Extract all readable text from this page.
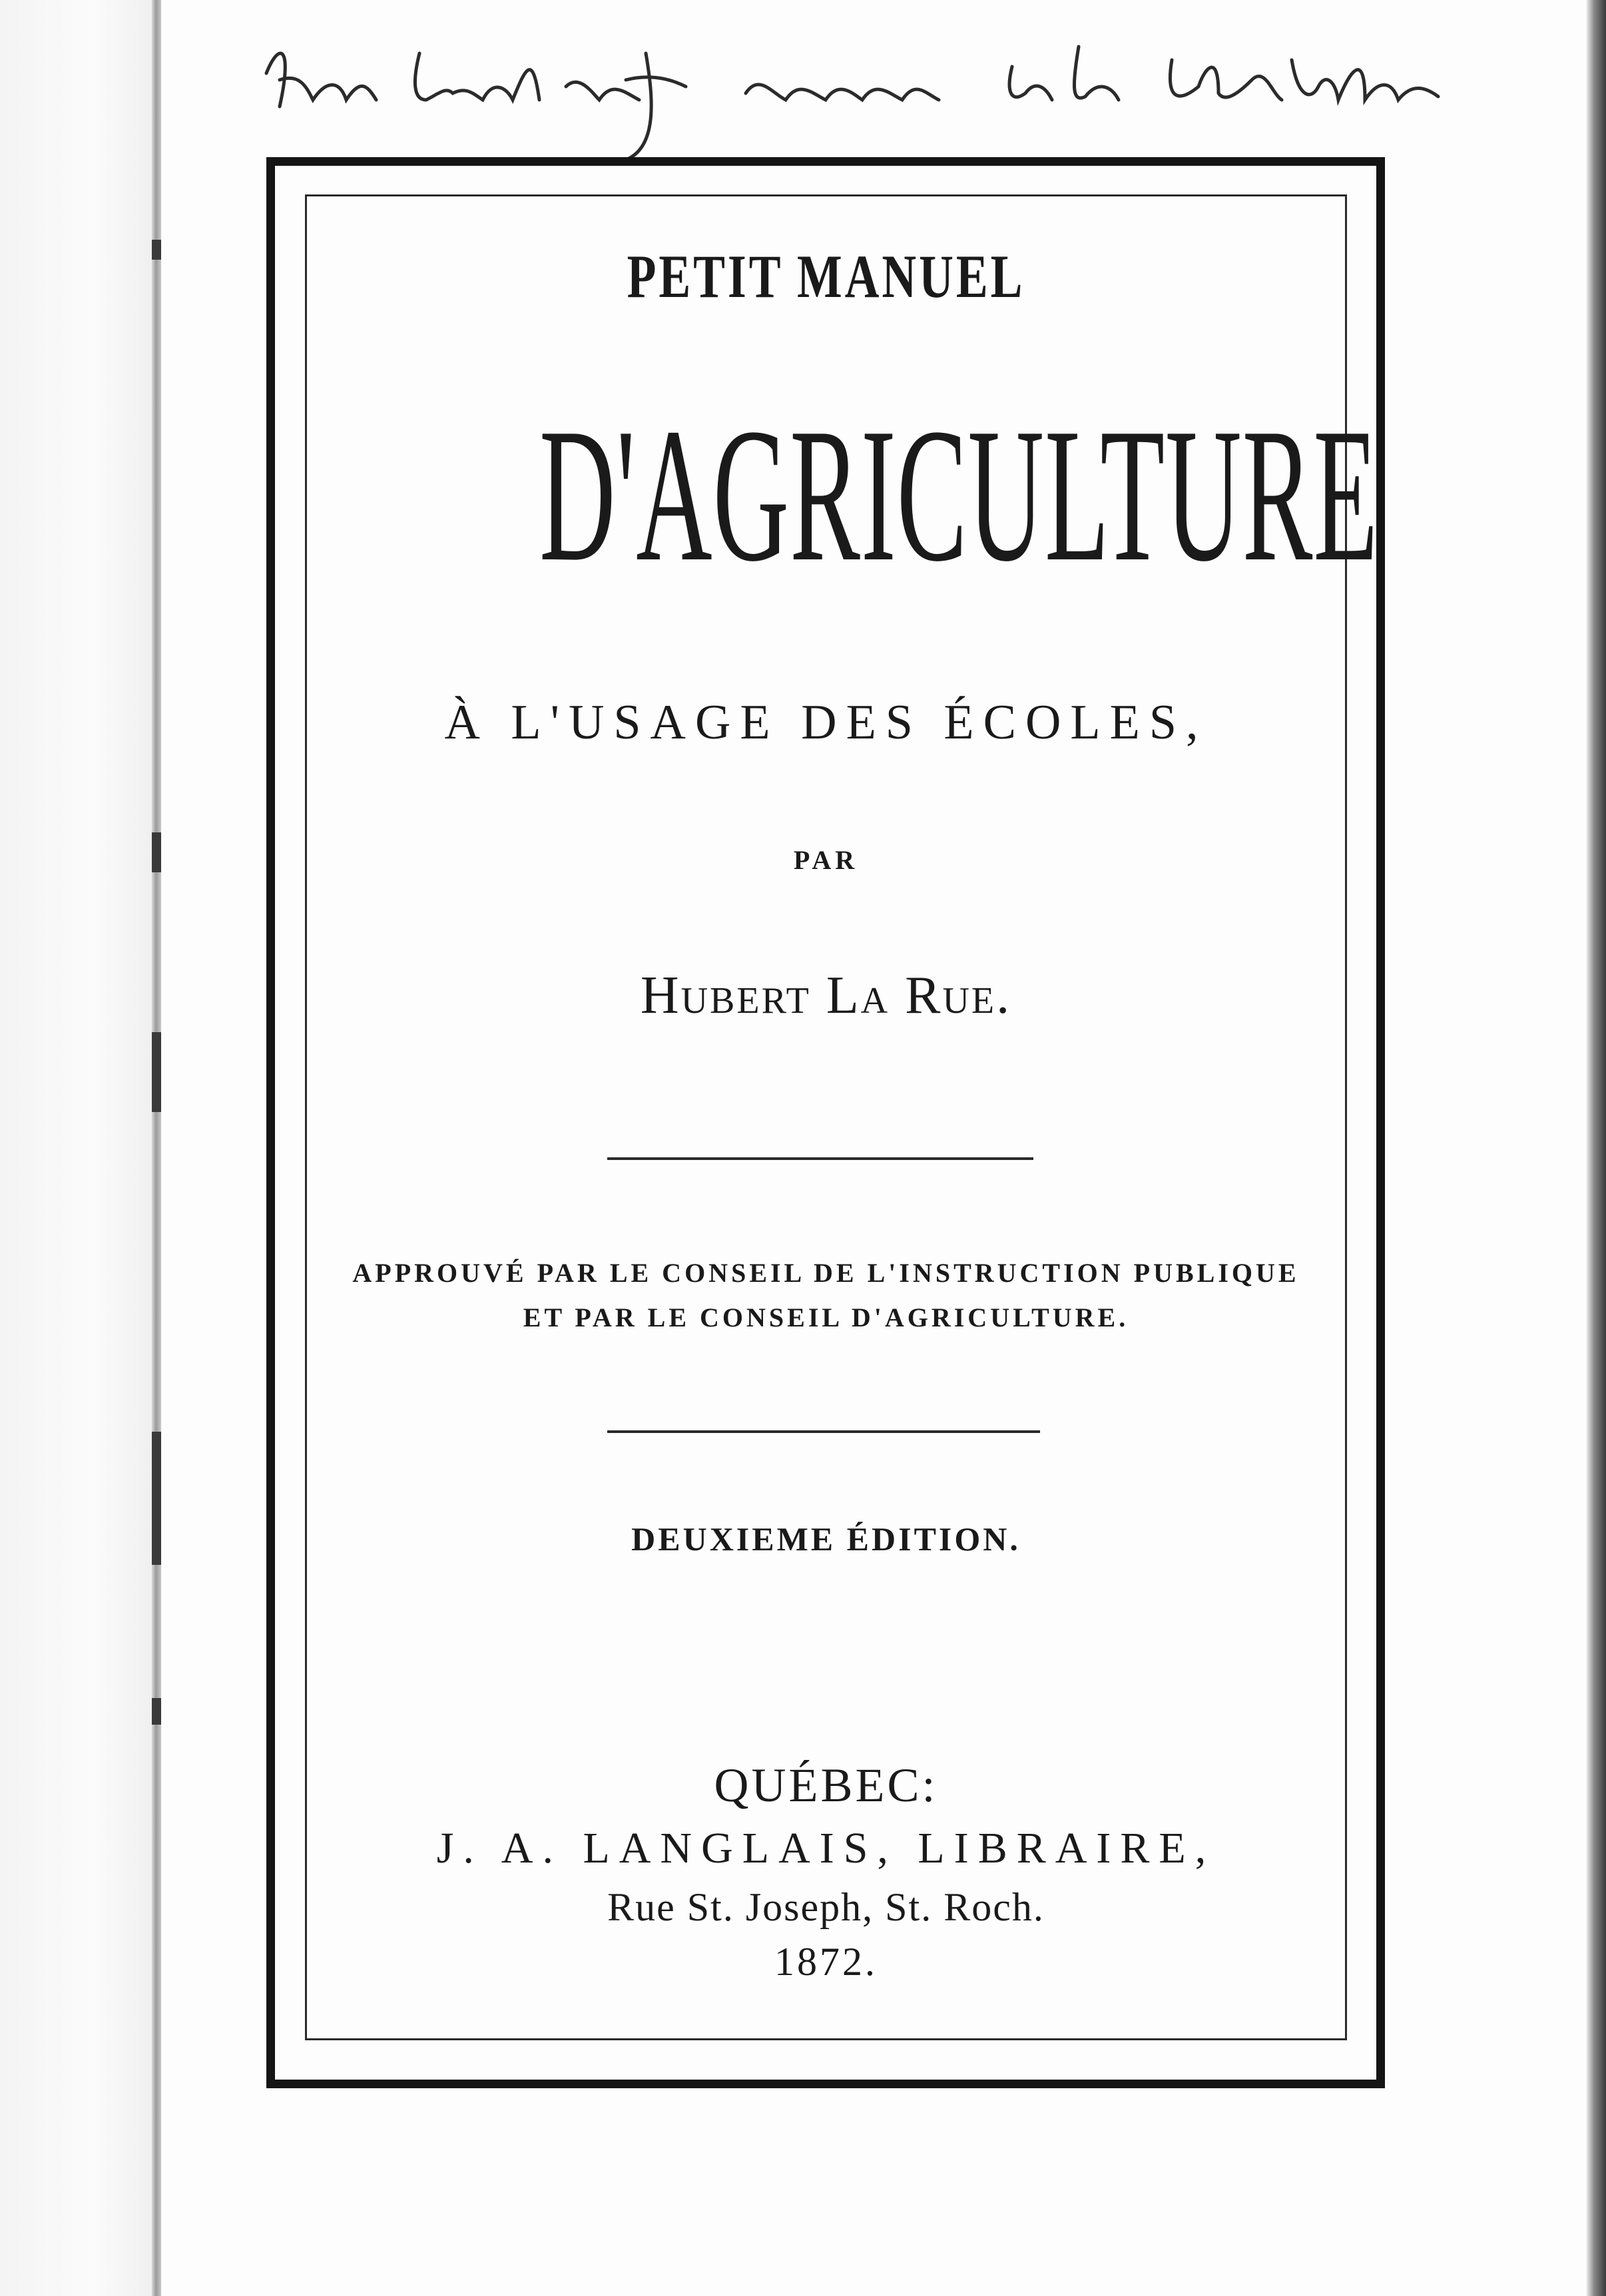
PETIT MANUEL

D'AGRICULTURE

À L'USAGE DES ÉCOLES,

PAR

Hubert La Rue.

APPROUVÉ PAR LE CONSEIL DE L'INSTRUCTION PUBLIQUE

ET PAR LE CONSEIL D'AGRICULTURE.

DEUXIEME ÉDITION.

QUÉBEC:

J. A. LANGLAIS, LIBRAIRE,

Rue St. Joseph, St. Roch.

1872.
